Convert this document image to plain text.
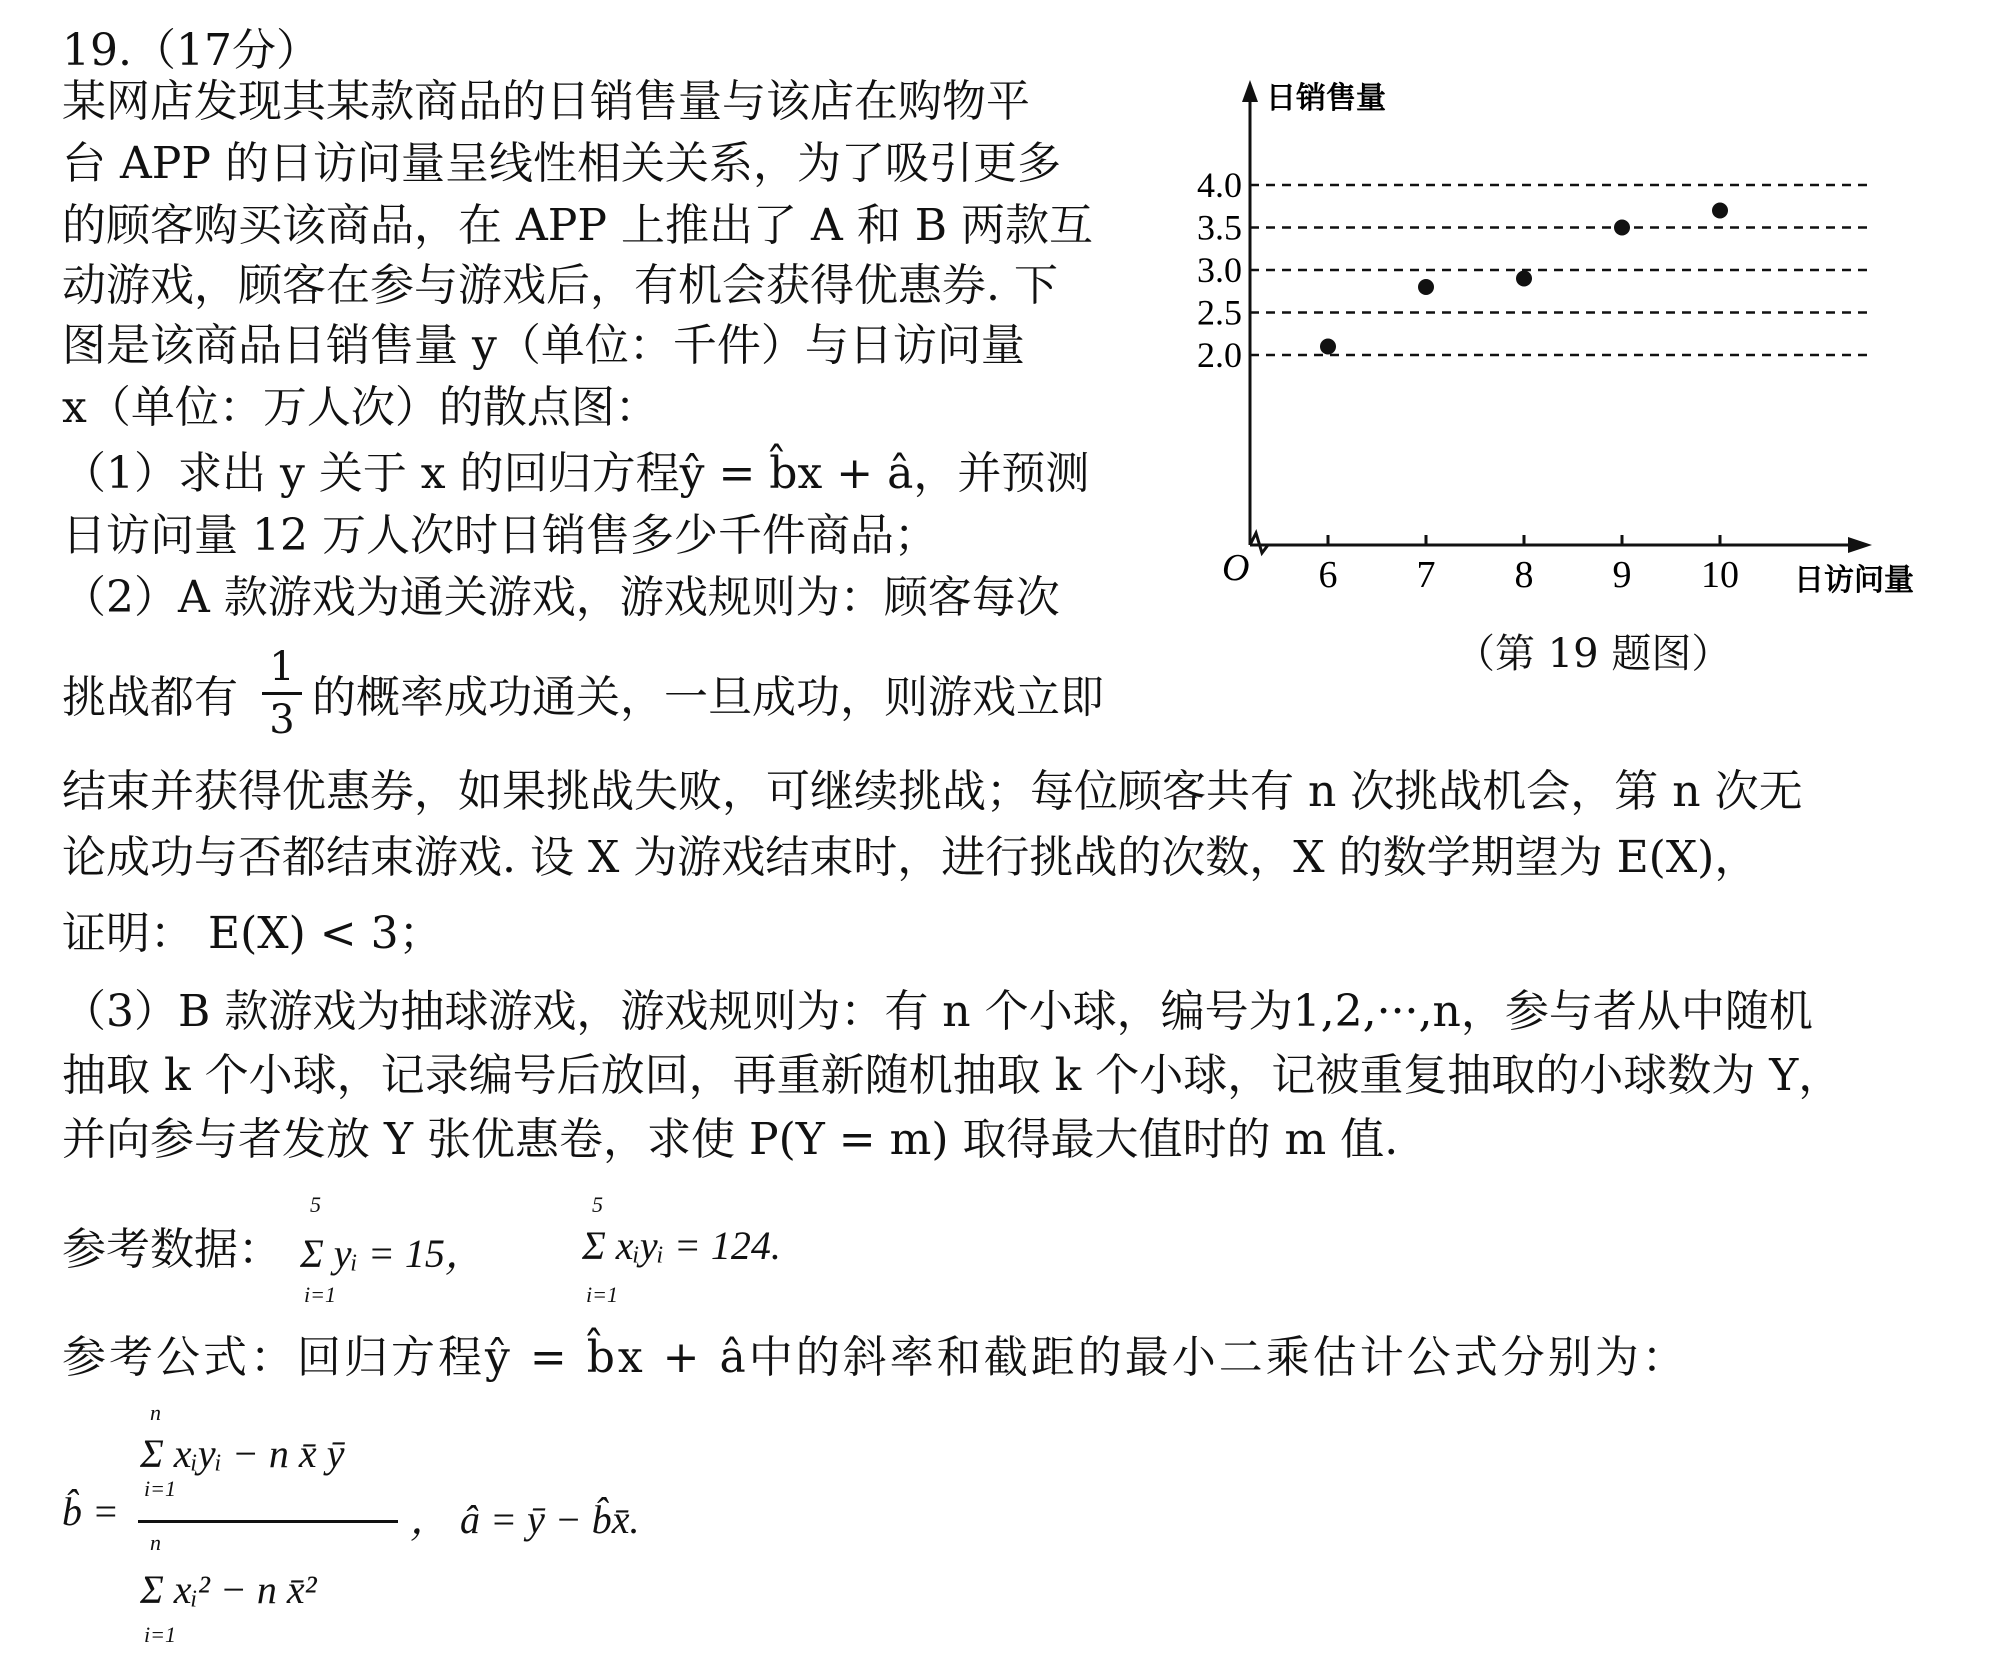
19.（17分）
某网店发现其某款商品的日销售量与该店在购物平
台 APP 的日访问量呈线性相关关系，为了吸引更多
的顾客购买该商品，在 APP 上推出了 A 和 B 两款互
动游戏，顾客在参与游戏后，有机会获得优惠券. 下
图是该商品日销售量 y（单位：千件）与日访问量
x（单位：万人次）的散点图：
（1）求出 y 关于 x 的回归方程ŷ = b̂x + â，并预测
日访问量 12 万人次时日销售多少千件商品；
（2）A 款游戏为通关游戏，游戏规则为：顾客每次
挑战都有
1
3 的概率成功通关，一旦成功，则游戏立即
结束并获得优惠券，如果挑战失败，可继续挑战；每位顾客共有 n 次挑战机会，第 n 次无
论成功与否都结束游戏. 设 X 为游戏结束时，进行挑战的次数，X 的数学期望为 E(X)，
证明： E(X) < 3；
（3）B 款游戏为抽球游戏，游戏规则为：有 n 个小球，编号为1,2,···,n，参与者从中随机
抽取 k 个小球，记录编号后放回，再重新随机抽取 k 个小球，记被重复抽取的小球数为 Y，
并向参与者发放 Y 张优惠卷，求使 P(Y = m) 取得最大值时的 m 值.
参考数据：
5
i=1
Σ yᵢ = 15，
5
i=1
Σ xᵢyᵢ = 124.
参考公式：回归方程ŷ = b̂x + â中的斜率和截距的最小二乘估计公式分别为：
b̂ =
n
i=1
Σ xᵢyᵢ − n x̄ ȳ
n
i=1
Σ xᵢ² − n x̄²
， â = ȳ − b̂x̄.
日销售量
日访问量
O
2.0
2.5
3.0
3.5
4.0
6 7 8 9 10
（第 19 题图）
